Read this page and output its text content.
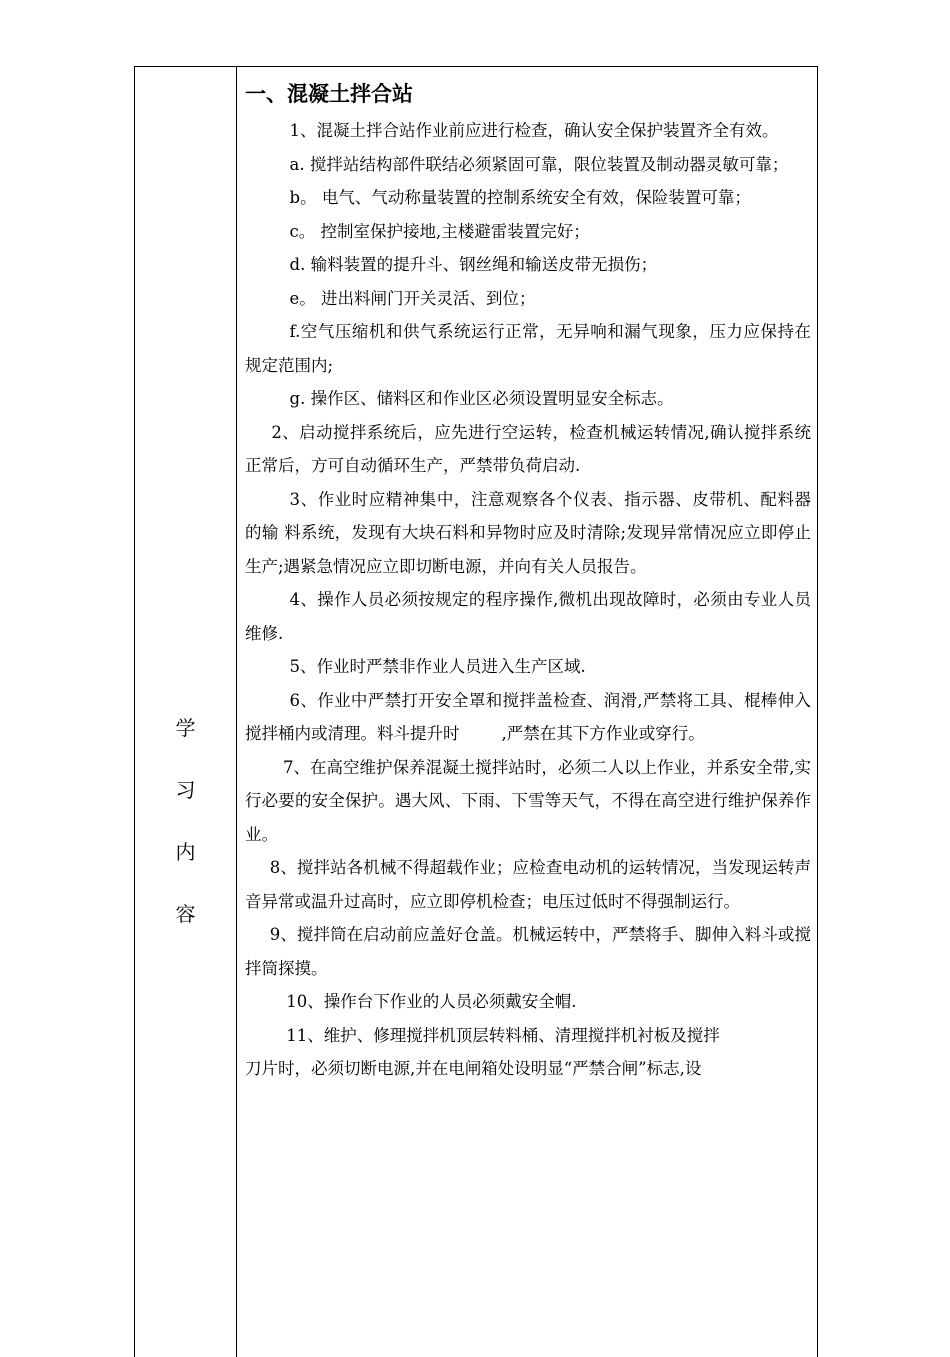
学
习
内
容
一、混凝土拌合站

1、混凝土拌合站作业前应进行检查，确认安全保护装置齐全有效。

a. 搅拌站结构部件联结必须紧固可靠，限位装置及制动器灵敏可靠；

b。 电气、气动称量装置的控制系统安全有效，保险装置可靠；

c。 控制室保护接地,主楼避雷装置完好；

d. 输料装置的提升斗、钢丝绳和输送皮带无损伤；

e。 进出料闸门开关灵活、到位；

f.空气压缩机和供气系统运行正常，无异响和漏气现象，压力应保持在规定范围内;

g. 操作区、储料区和作业区必须设置明显安全标志。

2、启动搅拌系统后，应先进行空运转，检查机械运转情况,确认搅拌系统正常后，方可自动循环生产，严禁带负荷启动.

3、作业时应精神集中，注意观察各个仪表、指示器、皮带机、配料器的输 料系统，发现有大块石料和异物时应及时清除;发现异常情况应立即停止生产;遇紧急情况应立即切断电源，并向有关人员报告。

4、操作人员必须按规定的程序操作,微机出现故障时，必须由专业人员维修.

5、作业时严禁非作业人员进入生产区域.

6、作业中严禁打开安全罩和搅拌盖检查、润滑,严禁将工具、棍棒伸入搅拌桶内或清理。料斗提升时        ,严禁在其下方作业或穿行。

7、在高空维护保养混凝土搅拌站时，必须二人以上作业，并系安全带,实行必要的安全保护。遇大风、下雨、下雪等天气，不得在高空进行维护保养作业。

8、搅拌站各机械不得超载作业；应检查电动机的运转情况，当发现运转声音异常或温升过高时，应立即停机检查；电压过低时不得强制运行。

9、搅拌筒在启动前应盖好仓盖。机械运转中，严禁将手、脚伸入料斗或搅拌筒探摸。

10、操作台下作业的人员必须戴安全帽.

11、维护、修理搅拌机顶层转料桶、清理搅拌机衬板及搅拌

刀片时，必须切断电源,并在电闸箱处设明显“严禁合闸”标志,设
